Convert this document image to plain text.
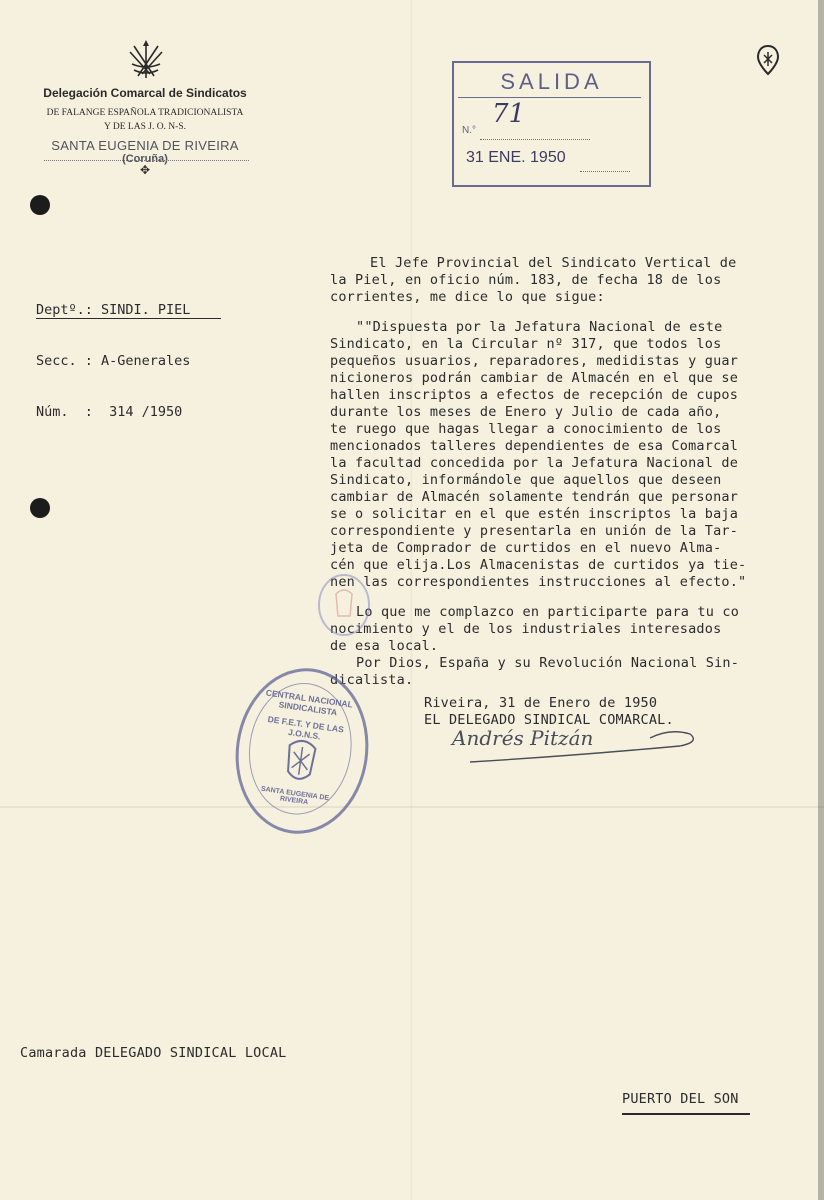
Delegación Comarcal de Sindicatos
DE FALANGE ESPAÑOLA TRADICIONALISTA
Y DE LAS J. O. N-S.
SANTA EUGENIA DE RIVEIRA
(Coruña)
✥
SALIDA
N.°
71
31 ENE. 1950

Deptº.: SINDI. PIEL

Secc. : A-Generales

Núm.  :  314 /1950

El Jefe Provincial del Sindicato Vertical de
la Piel, en oficio núm. 183, de fecha 18 de los
corrientes, me dice lo que sigue:
""Dispuesta por la Jefatura Nacional de este
Sindicato, en la Circular nº 317, que todos los
pequeños usuarios, reparadores, medidistas y guar
nicioneros podrán cambiar de Almacén en el que se
hallen inscriptos a efectos de recepción de cupos
durante los meses de Enero y Julio de cada año,
te ruego que hagas llegar a conocimiento de los
mencionados talleres dependientes de esa Comarcal
la facultad concedida por la Jefatura Nacional de
Sindicato, informándole que aquellos que deseen
cambiar de Almacén solamente tendrán que personar
se o solicitar en el que estén inscriptos la baja
correspondiente y presentarla en unión de la Tar-
jeta de Comprador de curtidos en el nuevo Alma-
cén que elija.Los Almacenistas de curtidos ya tie-
nen las correspondientes instrucciones al efecto."
Lo que me complazco en participarte para tu co
nocimiento y el de los industriales interesados
de esa local.
Por Dios, España y su Revolución Nacional Sin-
dicalista.
Riveira, 31 de Enero de 1950
EL DELEGADO SINDICAL COMARCAL.
Andrés Pitzán
CENTRAL NACIONAL SINDICALISTA
DE F.E.T. Y DE LAS J.O.N.S.
SANTA EUGENIA DE RIVEIRA
Camarada DELEGADO SINDICAL LOCAL
PUERTO DEL SON
